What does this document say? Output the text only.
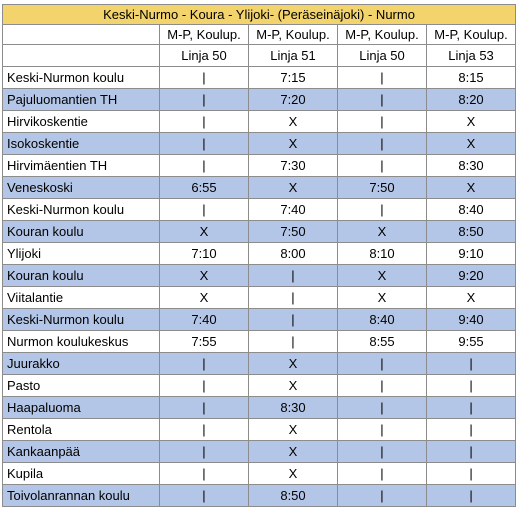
Keski-Nurmo - Koura - Ylijoki- (Peräseinäjoki) - Nurmo				
	M-P, Koulup.	M-P, Koulup.	M-P, Koulup.	M-P, Koulup.
	Linja 50	Linja 51	Linja 50	Linja 53
Keski-Nurmon koulu	|	7:15	|	8:15
Pajuluomantien TH	|	7:20	|	8:20
Hirvikoskentie	|	X	|	X
Isokoskentie	|	X	|	X
Hirvimäentien TH	|	7:30	|	8:30
Veneskoski	6:55	X	7:50	X
Keski-Nurmon koulu	|	7:40	|	8:40
Kouran koulu	X	7:50	X	8:50
Ylijoki	7:10	8:00	8:10	9:10
Kouran koulu	X	|	X	9:20
Viitalantie	X	|	X	X
Keski-Nurmon koulu	7:40	|	8:40	9:40
Nurmon koulukeskus	7:55	|	8:55	9:55
Juurakko	|	X	|	|
Pasto	|	X	|	|
Haapaluoma	|	8:30	|	|
Rentola	|	X	|	|
Kankaanpää	|	X	|	|
Kupila	|	X	|	|
Toivolanrannan koulu	|	8:50	|	|
